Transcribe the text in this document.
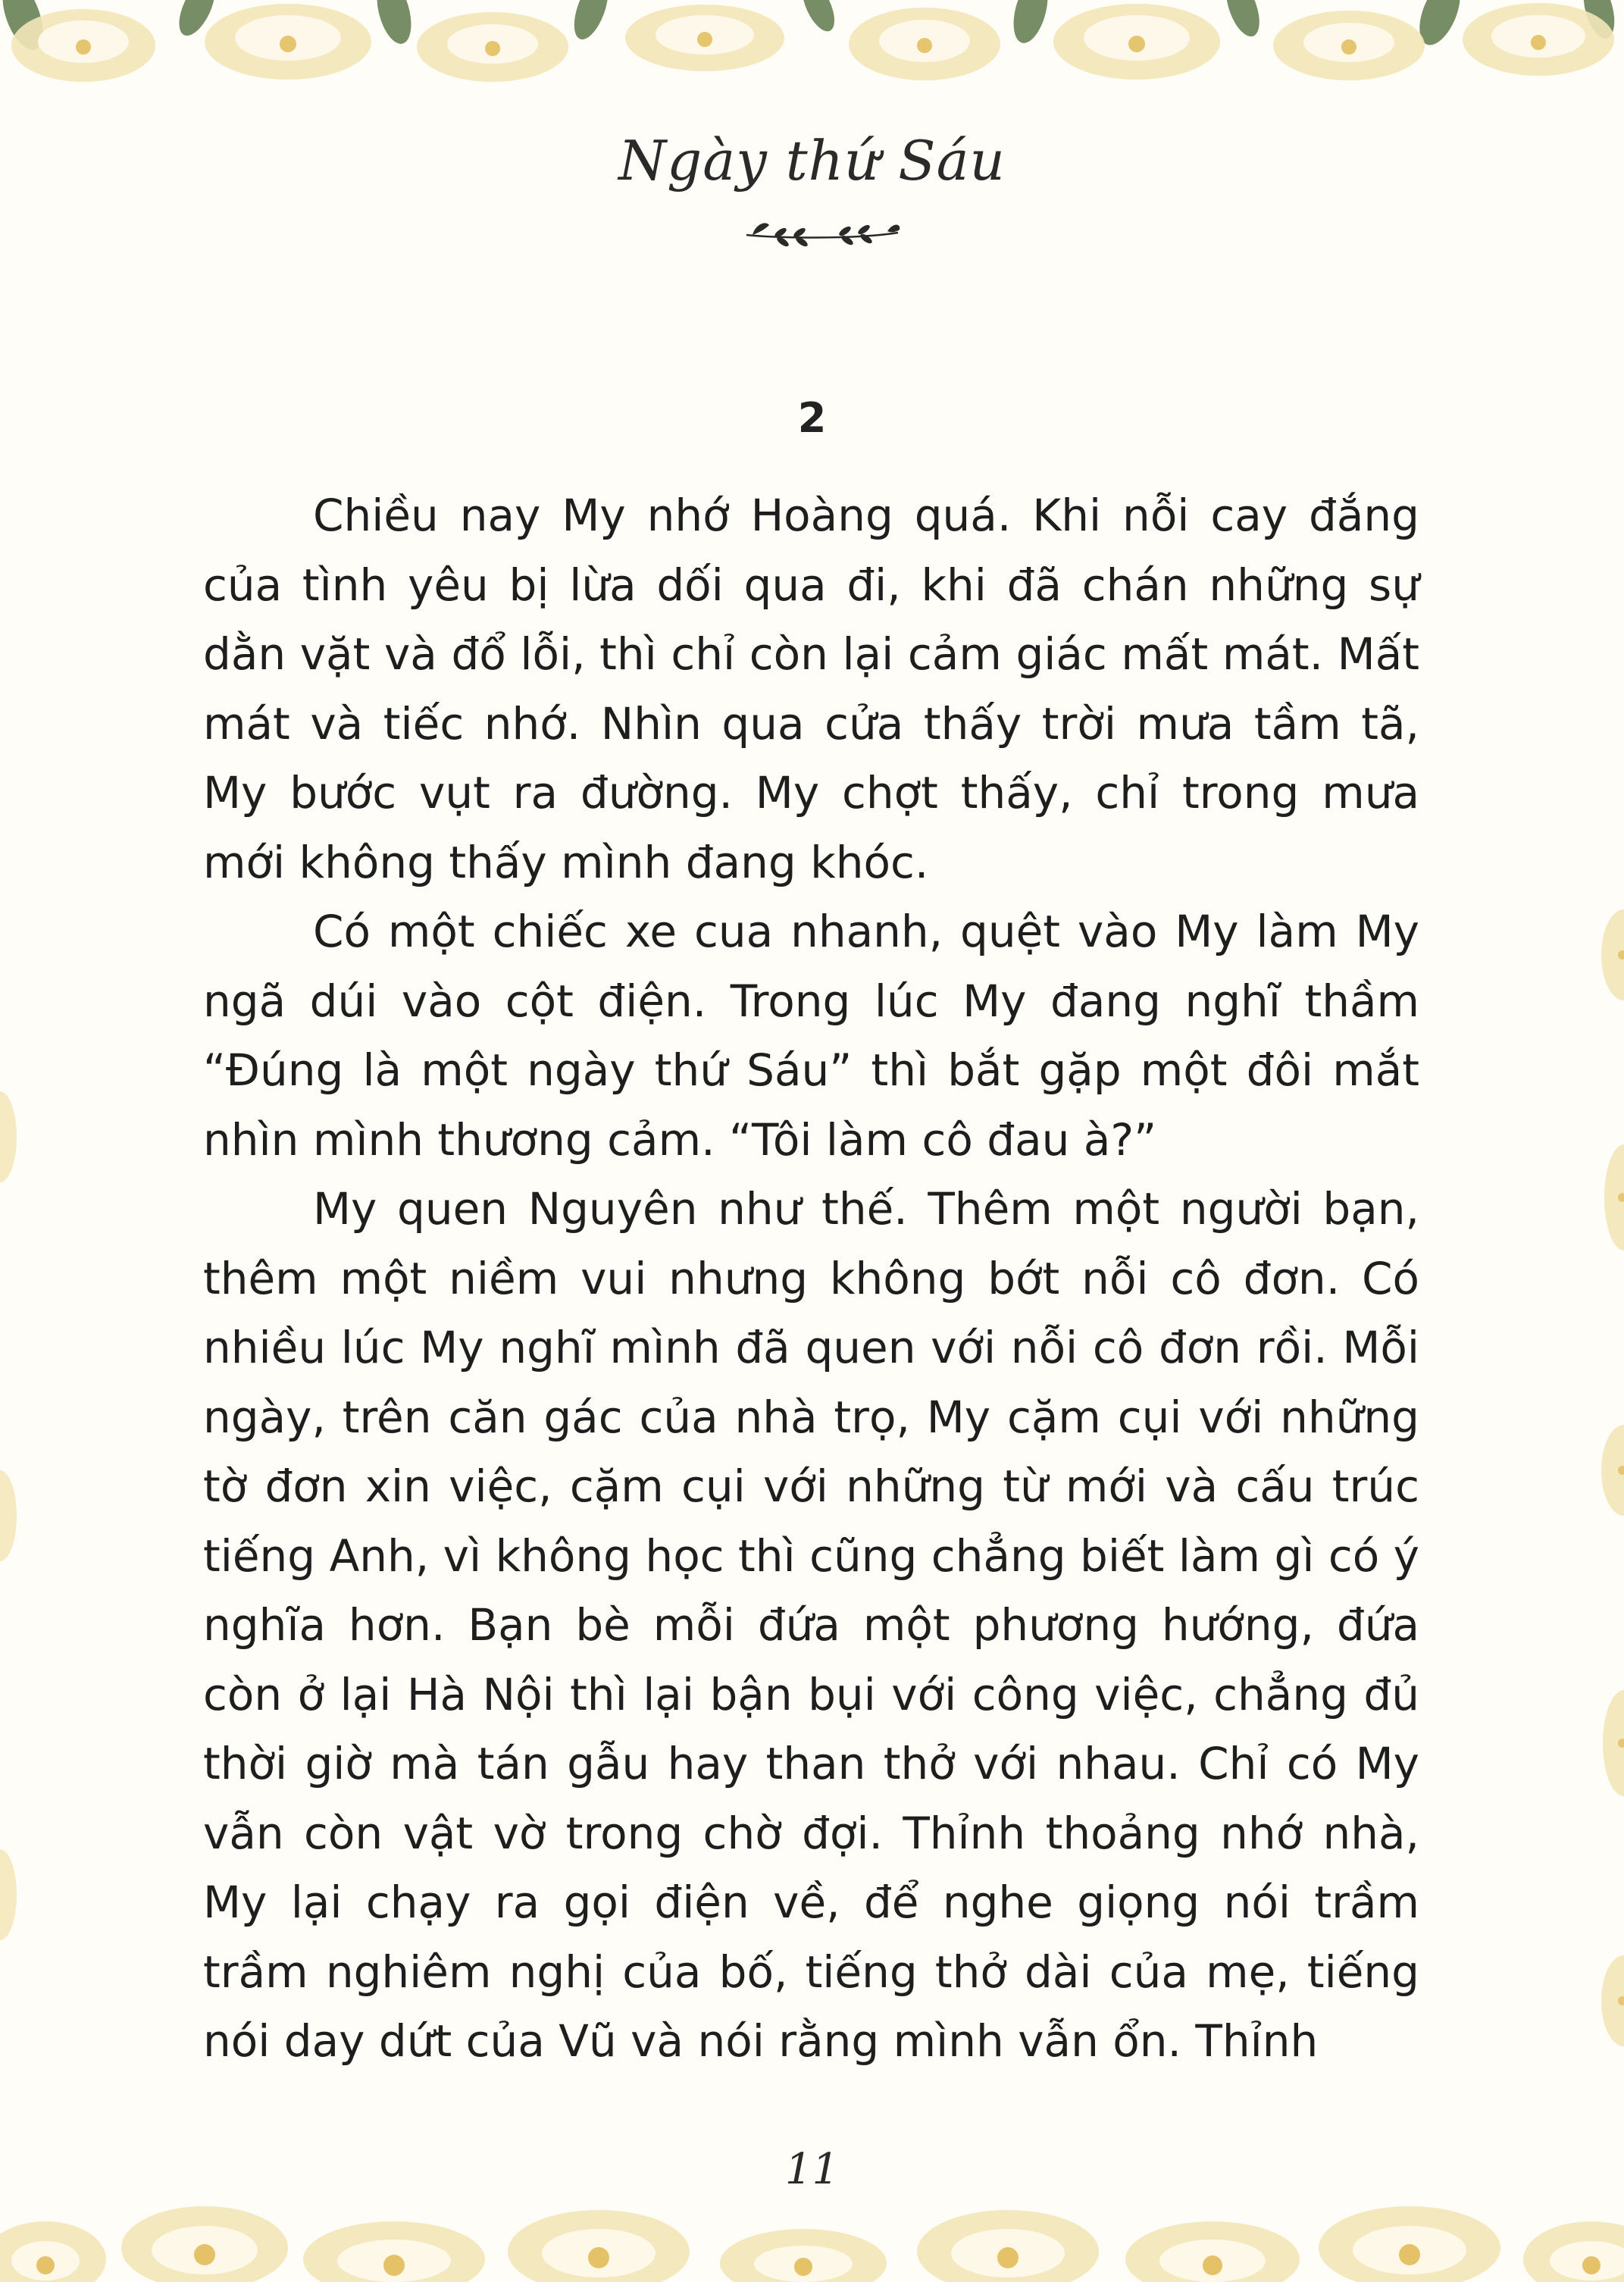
Ngày thứ Sáu
2

Chiều nay My nhớ Hoàng quá. Khi nỗi cay đắng của tình yêu bị lừa dối qua đi, khi đã chán những sự dằn vặt và đổ lỗi, thì chỉ còn lại cảm giác mất mát. Mất mát và tiếc nhớ. Nhìn qua cửa thấy trời mưa tầm tã, My bước vụt ra đường. My chợt thấy, chỉ trong mưa mới không thấy mình đang khóc.

Có một chiếc xe cua nhanh, quệt vào My làm My ngã dúi vào cột điện. Trong lúc My đang nghĩ thầm “Đúng là một ngày thứ Sáu” thì bắt gặp một đôi mắt nhìn mình thương cảm. “Tôi làm cô đau à?”

My quen Nguyên như thế. Thêm một người bạn, thêm một niềm vui nhưng không bớt nỗi cô đơn. Có nhiều lúc My nghĩ mình đã quen với nỗi cô đơn rồi. Mỗi ngày, trên căn gác của nhà trọ, My cặm cụi với những tờ đơn xin việc, cặm cụi với những từ mới và cấu trúc tiếng Anh, vì không học thì cũng chẳng biết làm gì có ý nghĩa hơn. Bạn bè mỗi đứa một phương hướng, đứa còn ở lại Hà Nội thì lại bận bụi với công việc, chẳng đủ thời giờ mà tán gẫu hay than thở với nhau. Chỉ có My vẫn còn vật vờ trong chờ đợi. Thỉnh thoảng nhớ nhà, My lại chạy ra gọi điện về, để nghe giọng nói trầm trầm nghiêm nghị của bố, tiếng thở dài của mẹ, tiếng nói day dứt của Vũ và nói rằng mình vẫn ổn. Thỉnh

11
